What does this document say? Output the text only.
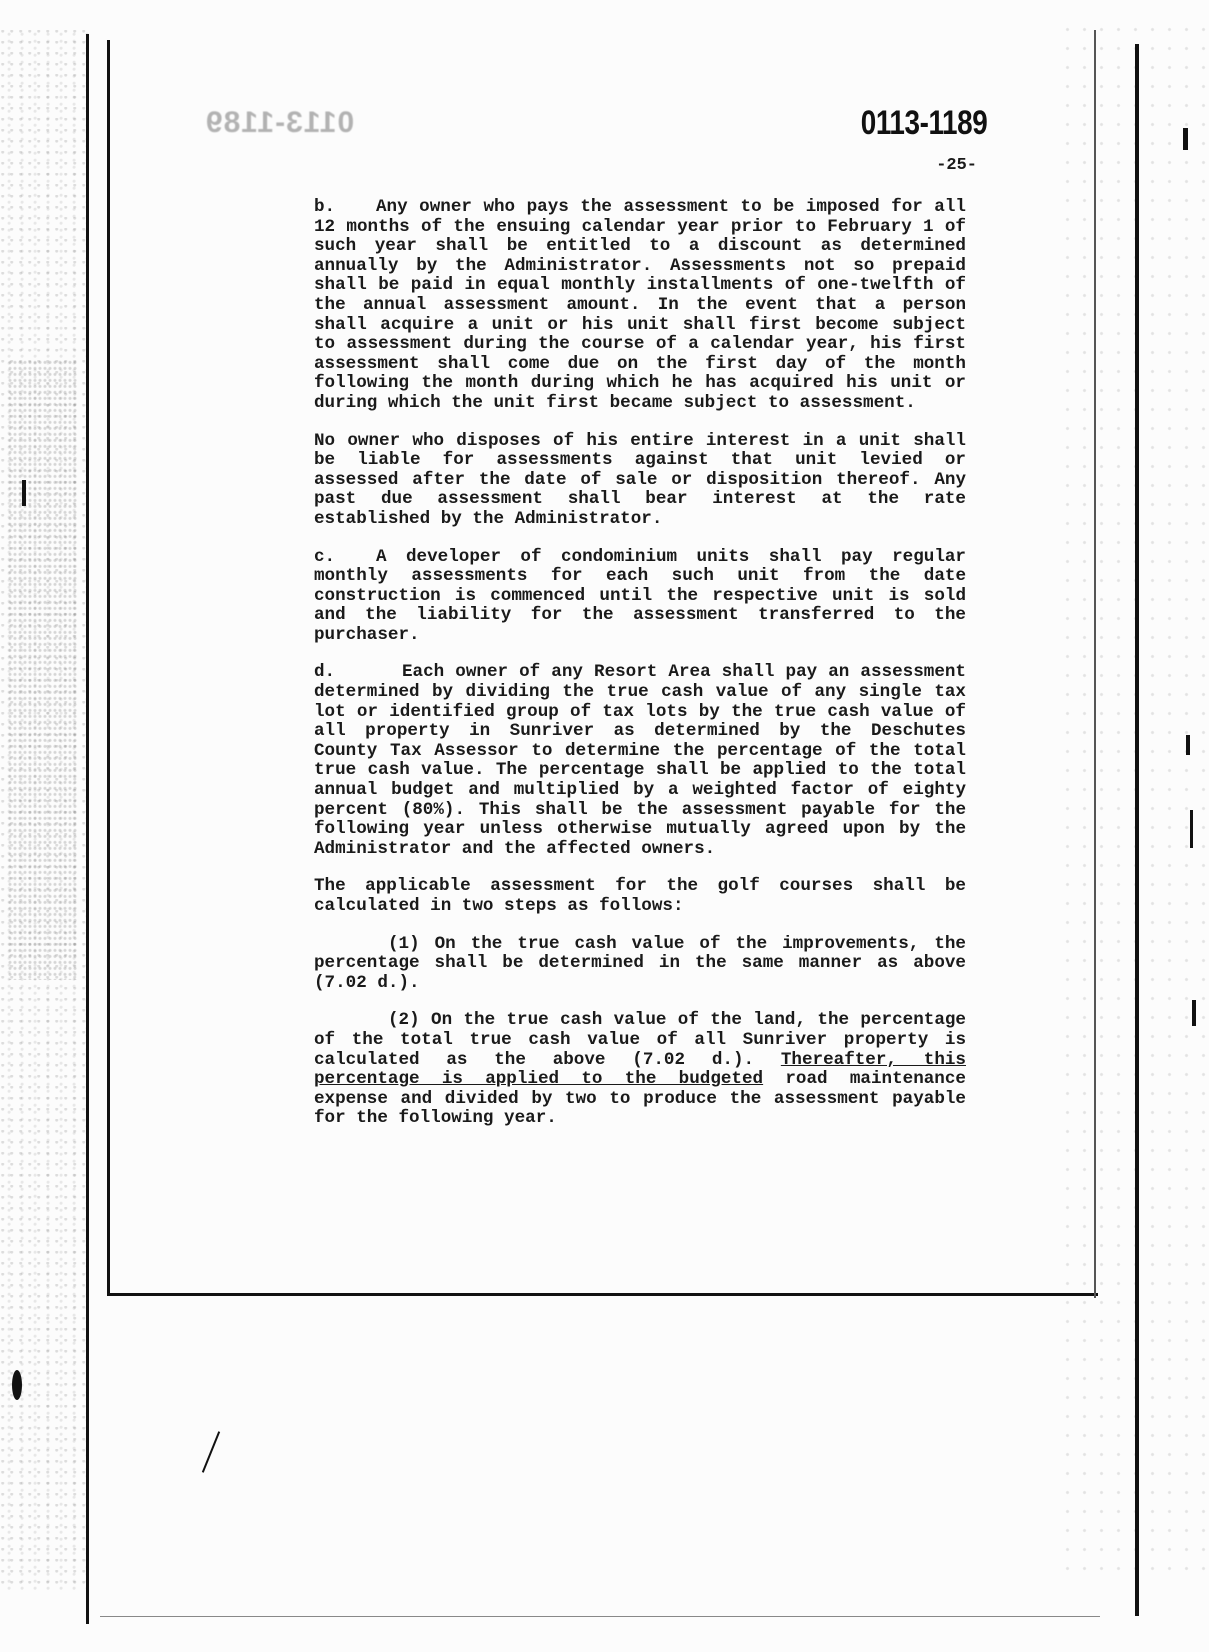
0113-1189	0113-1189
-25-

b. Any owner who pays the assessment to be imposed for all 12 months of the ensuing calendar year prior to February 1 of such year shall be entitled to a discount as determined annually by the Administrator. Assessments not so prepaid shall be paid in equal monthly installments of one-twelfth of the annual assessment amount. In the event that a person shall acquire a unit or his unit shall first become subject to assessment during the course of a calendar year, his first assessment shall come due on the first day of the month following the month during which he has acquired his unit or during which the unit first became subject to assessment.

No owner who disposes of his entire interest in a unit shall be liable for assessments against that unit levied or assessed after the date of sale or disposition thereof. Any past due assessment shall bear interest at the rate established by the Administrator.

c. A developer of condominium units shall pay regular monthly assessments for each such unit from the date construction is commenced until the respective unit is sold and the liability for the assessment transferred to the purchaser.

d.	Each owner of any Resort Area shall pay an assessment determined by dividing the true cash value of any single tax lot or identified group of tax lots by the true cash value of all property in Sunriver as determined by the Deschutes County Tax Assessor to determine the percentage of the total true cash value. The percentage shall be applied to the total annual budget and multiplied by a weighted factor of eighty percent (80%). This shall be the assessment payable for the following year unless otherwise mutually agreed upon by the Administrator and the affected owners.

The applicable assessment for the golf courses shall be calculated in two steps as follows:

(1) On the true cash value of the improvements, the percentage shall be determined in the same manner as above (7.02 d.).

(2) On the true cash value of the land, the percentage of the total true cash value of all Sunriver property is calculated as the above (7.02 d.). Thereafter, this percentage is applied to the budgeted road maintenance expense and divided by two to produce the assessment payable for the following year.
